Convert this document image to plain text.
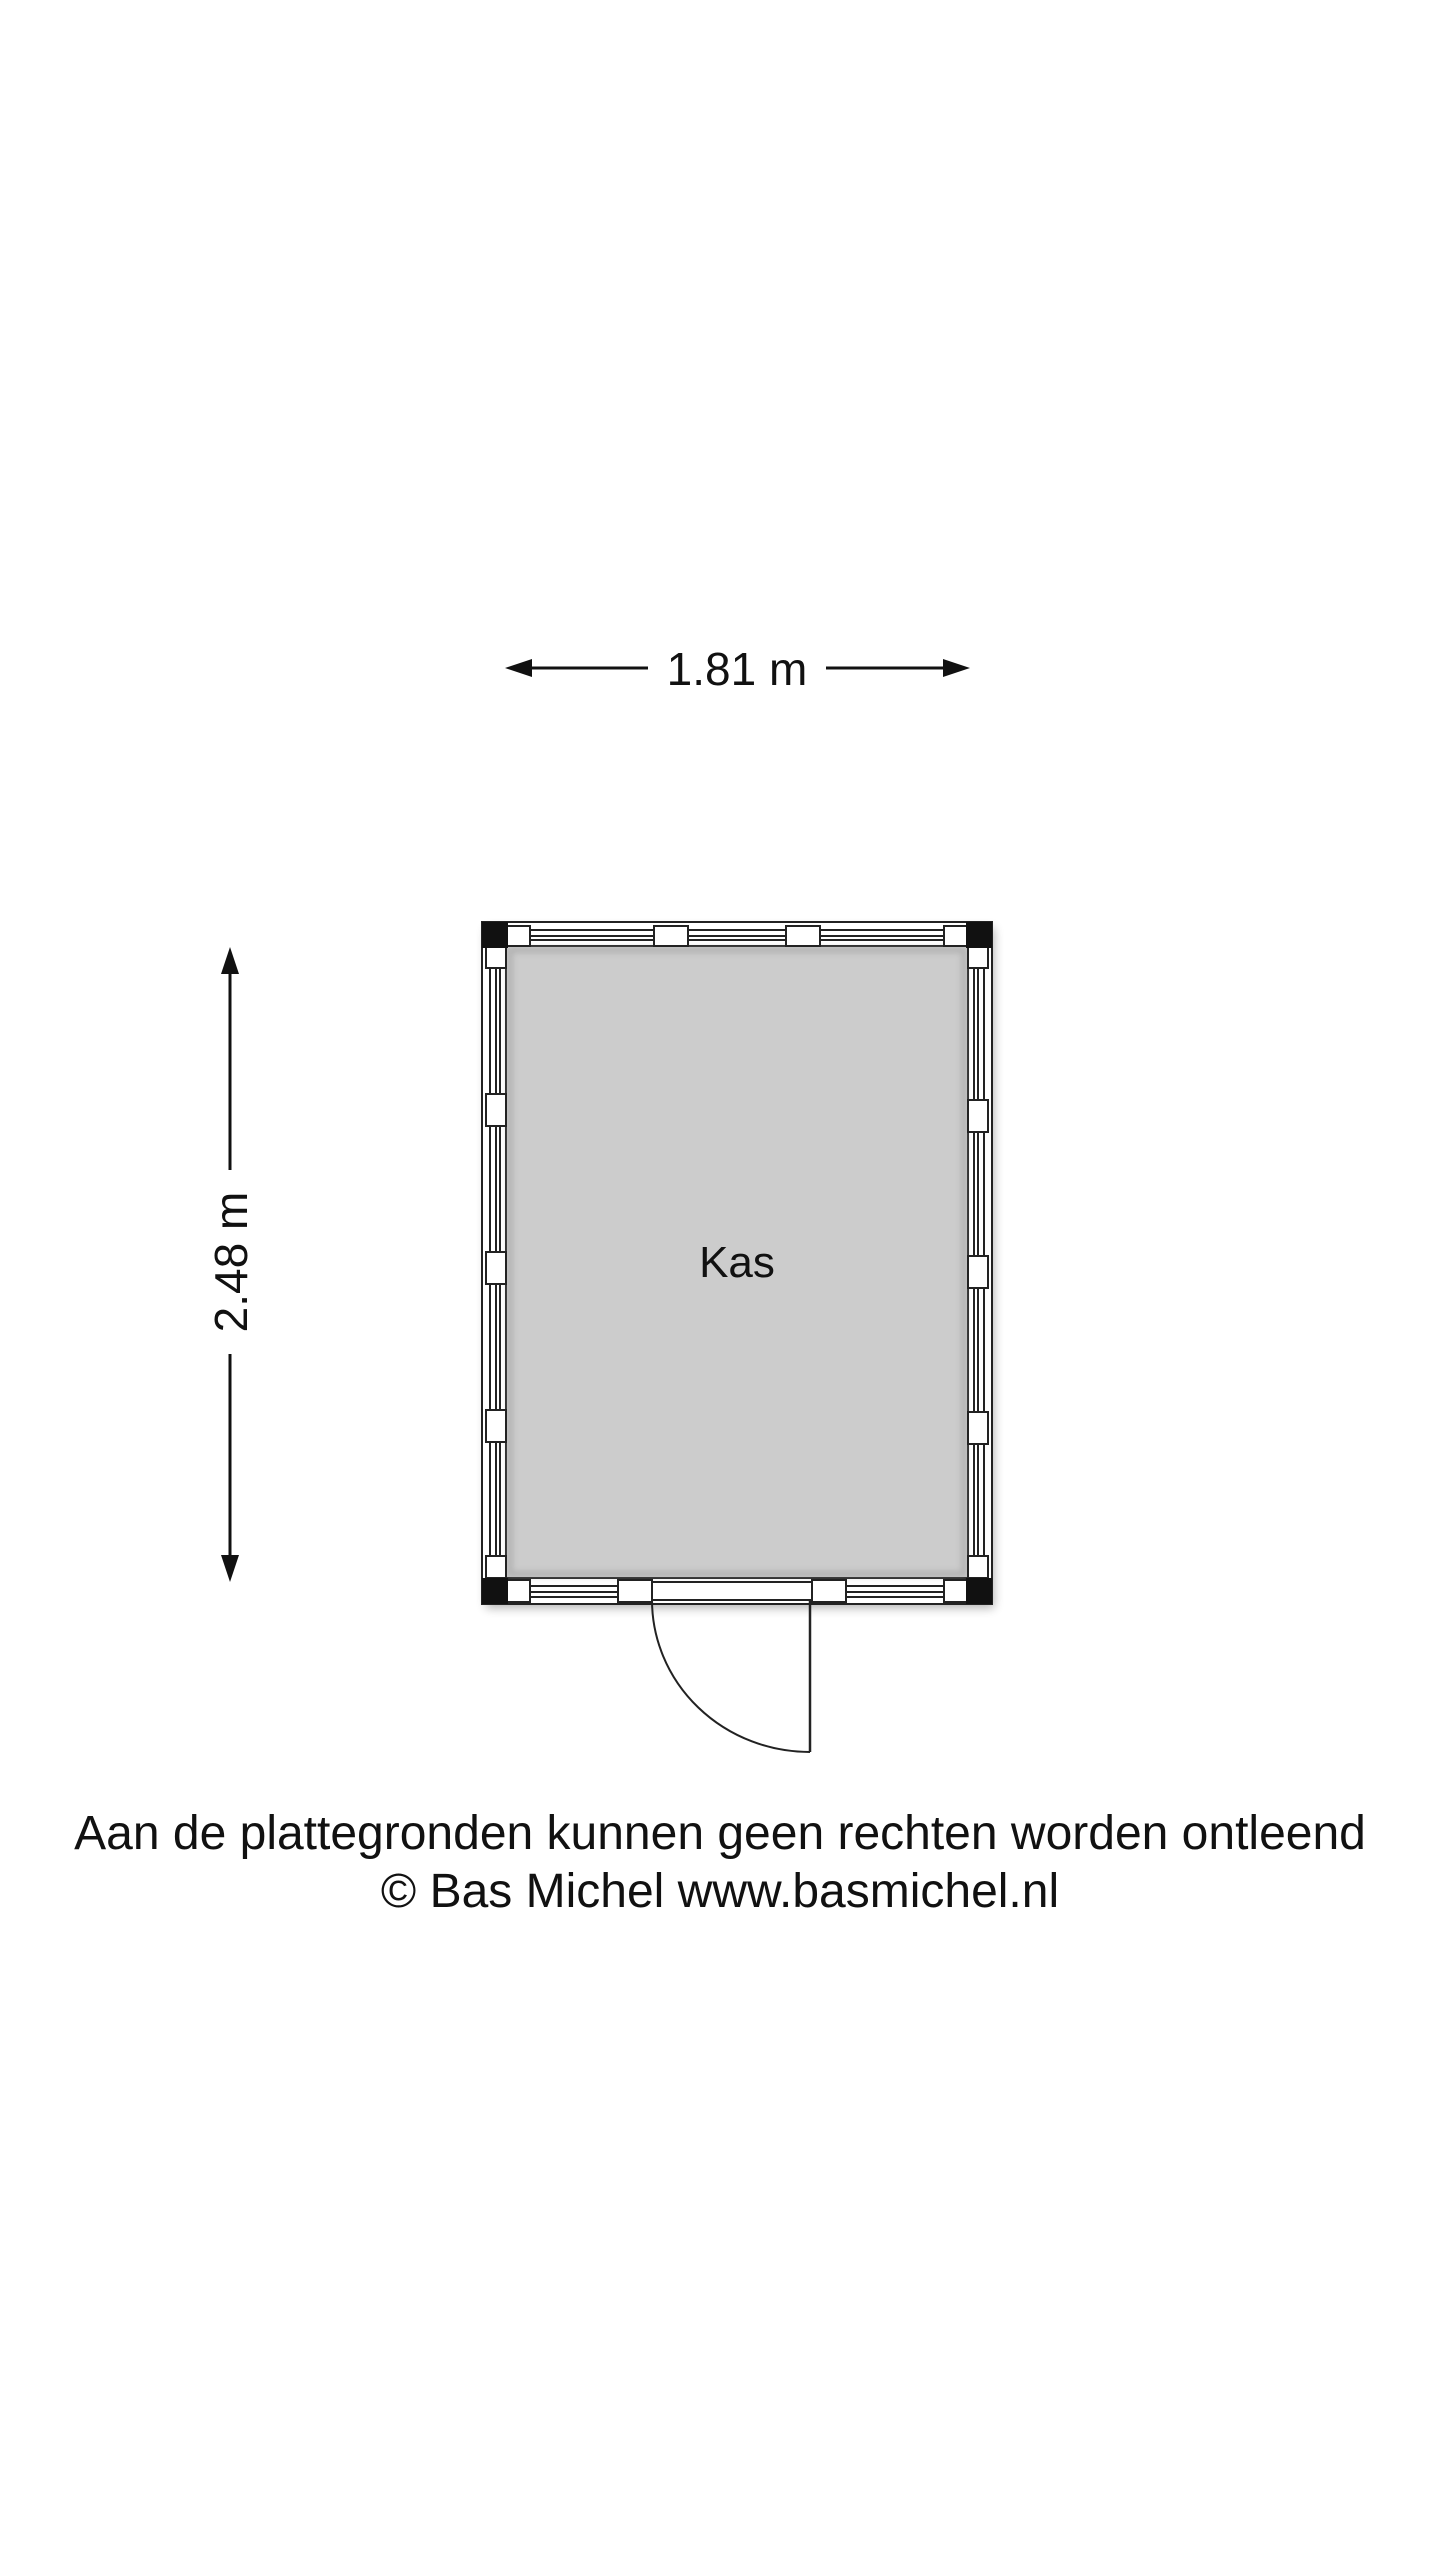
1.81 m
2.48 m	Kas

Aan de plattegronden kunnen geen rechten worden ontleend

© Bas Michel www.basmichel.nl
